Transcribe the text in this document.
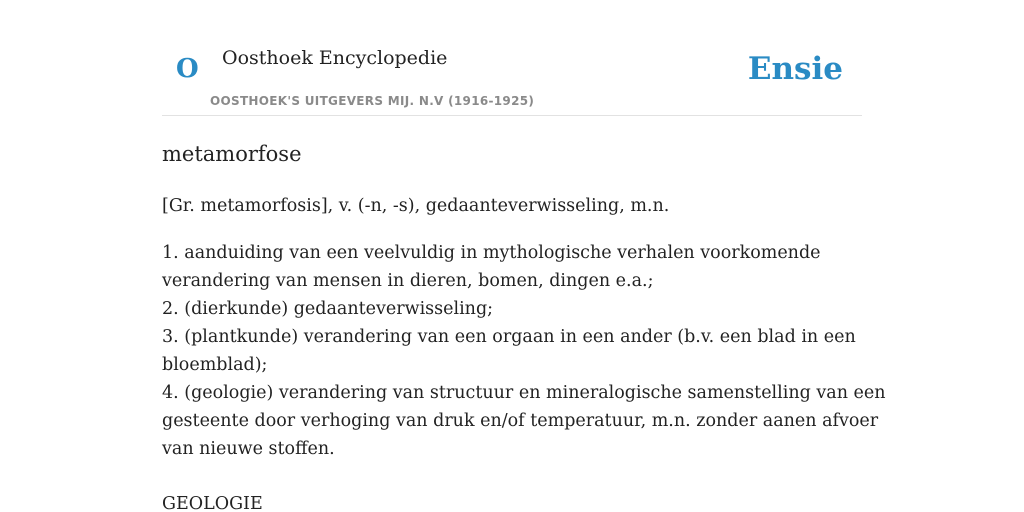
O Oosthoek Encyclopedie
OOSTHOEK'S UITGEVERS MIJ. N.V (1916-1925)
Ensie
metamorfose
[Gr. metamorfosis], v. (-n, -s), gedaanteverwisseling, m.n.
1. aanduiding van een veelvuldig in mythologische verhalen voorkomende
verandering van mensen in dieren, bomen, dingen e.a.;
2. (dierkunde) gedaanteverwisseling;
3. (plantkunde) verandering van een orgaan in een ander (b.v. een blad in een
bloemblad);
4. (geologie) verandering van structuur en mineralogische samenstelling van een
gesteente door verhoging van druk en/of temperatuur, m.n. zonder aanen afvoer
van nieuwe stoffen.
GEOLOGIE
